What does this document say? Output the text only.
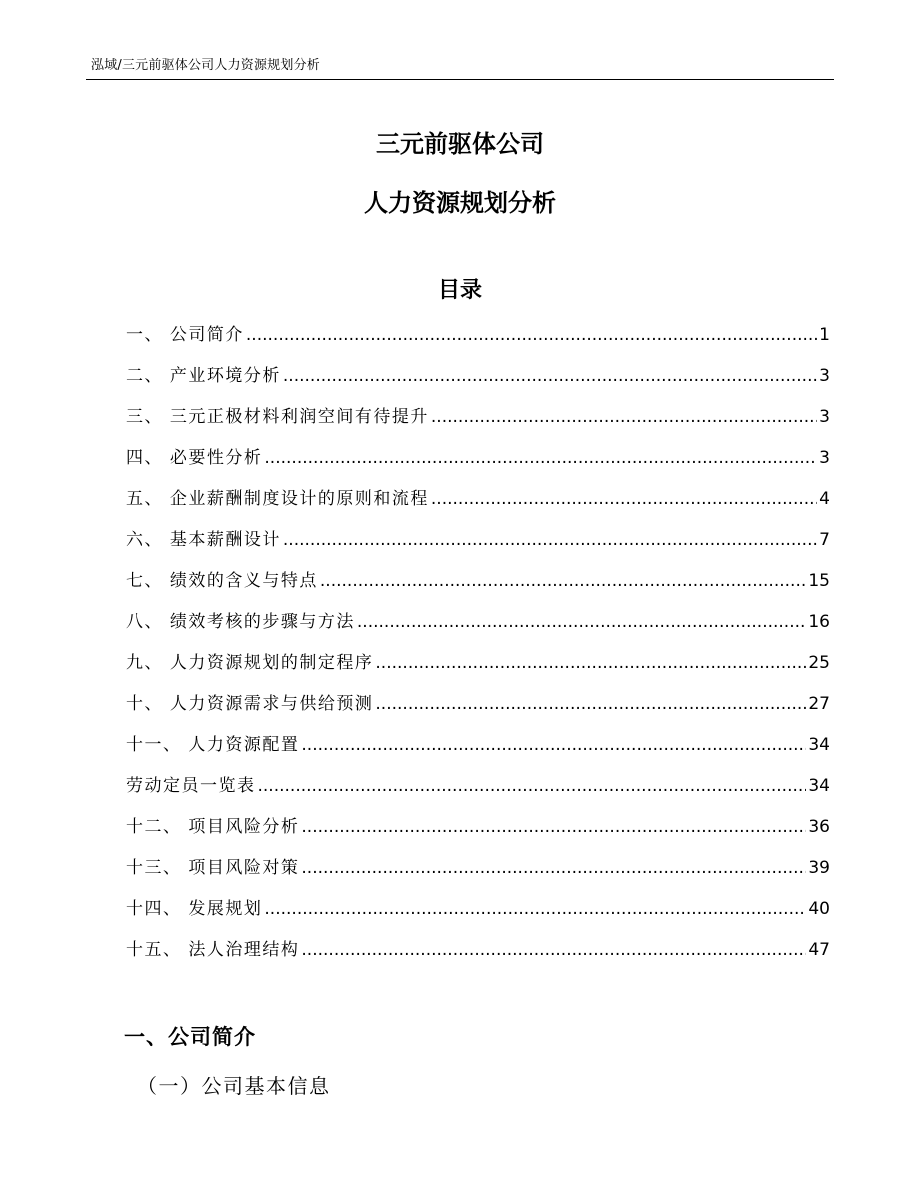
泓域/三元前驱体公司人力资源规划分析
三元前驱体公司
人力资源规划分析
目录
一、 公司简介 .....	1
二、 产业环境分析 .....	3
三、 三元正极材料利润空间有待提升 .....	3
四、 必要性分析 .....	3
五、 企业薪酬制度设计的原则和流程 .....	4
六、 基本薪酬设计 .....	7
七、 绩效的含义与特点 .....	15
八、 绩效考核的步骤与方法 .....	16
九、 人力资源规划的制定程序 .....	25
十、 人力资源需求与供给预测 .....	27
十一、 人力资源配置 .....	34
劳动定员一览表 .....	34
十二、 项目风险分析 .....	36
十三、 项目风险对策 .....	39
十四、 发展规划 .....	40
十五、 法人治理结构 .....	47
一、公司简介
（一）公司基本信息
